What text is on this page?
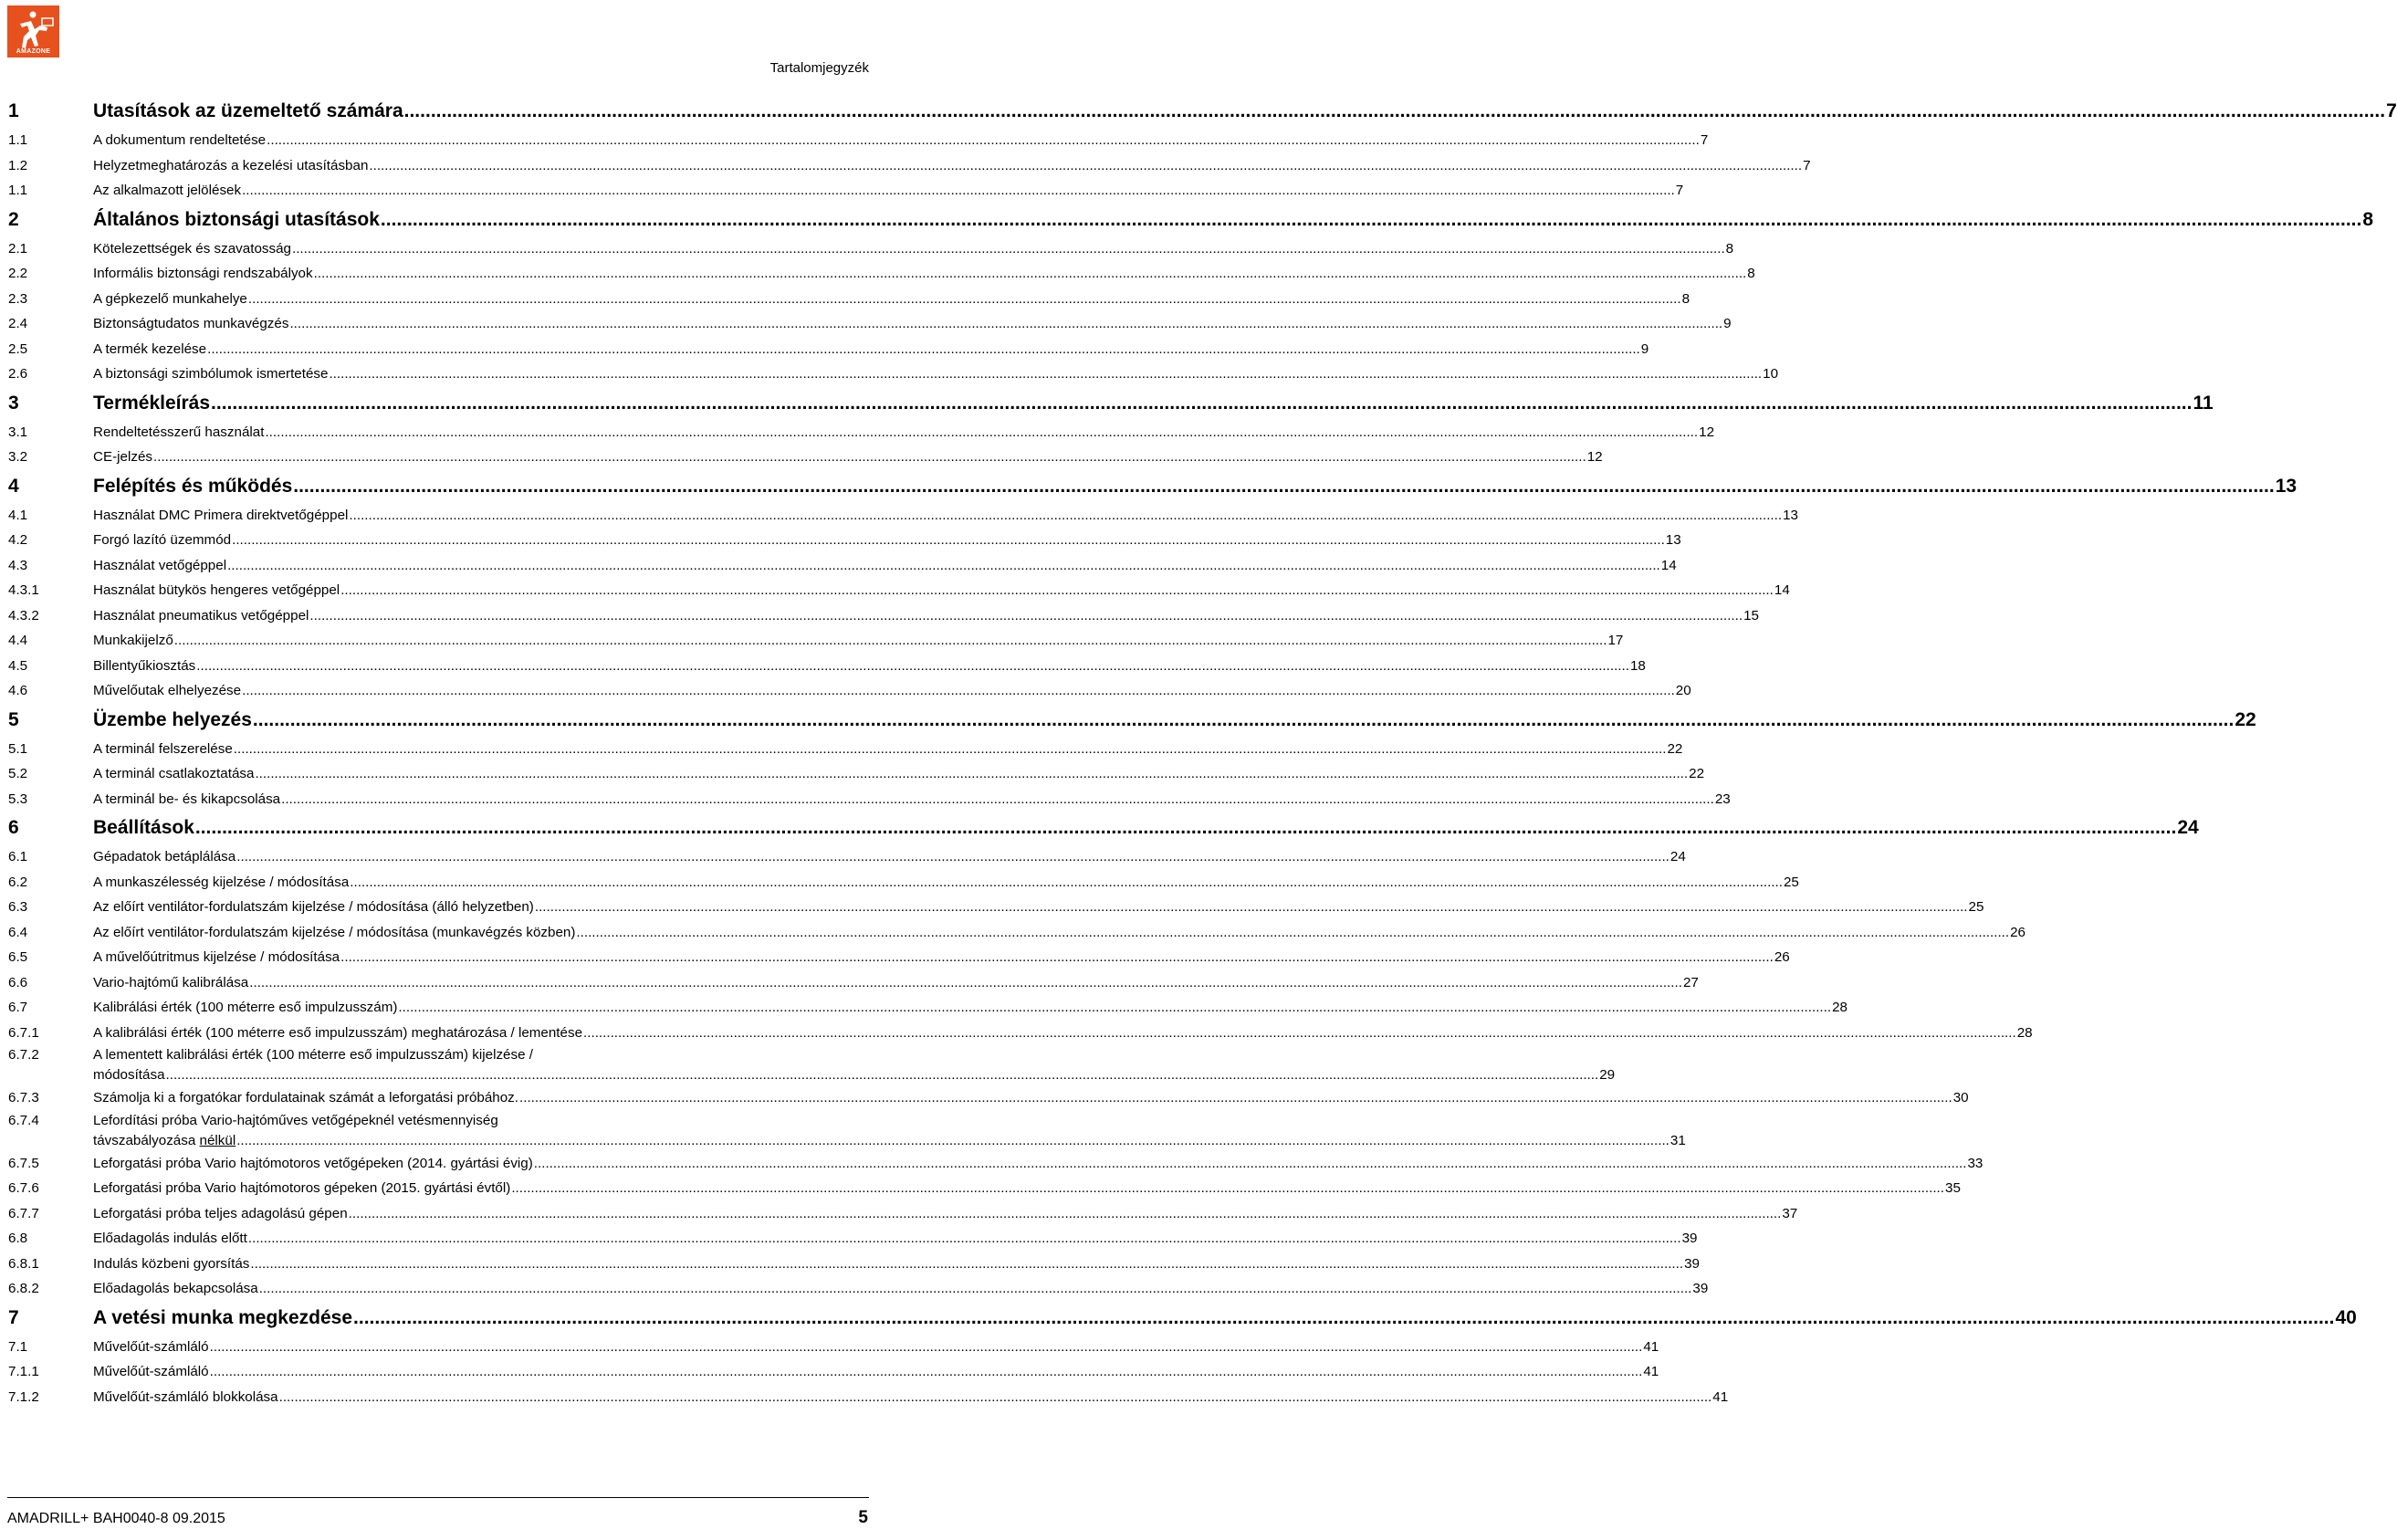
AMAZONE
Tartalomjegyzék
1	Utasítások az üzemeltető számára .....	7
1.1	A dokumentum rendeltetése .....	7
1.2	Helyzetmeghatározás a kezelési utasításban .....	7
1.1	Az alkalmazott jelölések .....	7
2	Általános biztonsági utasítások .....	8
2.1	Kötelezettségek és szavatosság .....	8
2.2	Informális biztonsági rendszabályok .....	8
2.3	A gépkezelő munkahelye .....	8
2.4	Biztonságtudatos munkavégzés .....	9
2.5	A termék kezelése .....	9
2.6	A biztonsági szimbólumok ismertetése .....	10
3	Termékleírás .....	11
3.1	Rendeltetésszerű használat .....	12
3.2	CE-jelzés .....	12
4	Felépítés és működés .....	13
4.1	Használat DMC Primera direktvetőgéppel .....	13
4.2	Forgó lazító üzemmód .....	13
4.3	Használat vetőgéppel .....	14
4.3.1	Használat bütykös hengeres vetőgéppel .....	14
4.3.2	Használat pneumatikus vetőgéppel .....	15
4.4	Munkakijelző .....	17
4.5	Billentyűkiosztás .....	18
4.6	Művelőutak elhelyezése .....	20
5	Üzembe helyezés .....	22
5.1	A terminál felszerelése .....	22
5.2	A terminál csatlakoztatása .....	22
5.3	A terminál be- és kikapcsolása .....	23
6	Beállítások .....	24
6.1	Gépadatok betáplálása .....	24
6.2	A munkaszélesség kijelzése / módosítása .....	25
6.3	Az előírt ventilátor-fordulatszám kijelzése / módosítása (álló helyzetben) .....	25
6.4	Az előírt ventilátor-fordulatszám kijelzése / módosítása (munkavégzés közben) .....	26
6.5	A művelőútritmus kijelzése / módosítása .....	26
6.6	Vario-hajtómű kalibrálása .....	27
6.7	Kalibrálási érték (100 méterre eső impulzusszám) .....	28
6.7.1	A kalibrálási érték (100 méterre eső impulzusszám) meghatározása / lementése .....	28
6.7.2	A lementett kalibrálási érték (100 méterre eső impulzusszám) kijelzése /
módosítása .....	29
6.7.3	Számolja ki a forgatókar fordulatainak számát a leforgatási próbához. .....	30
6.7.4	Lefordítási próba Vario-hajtóműves vetőgépeknél vetésmennyiség
távszabályozása nélkül .....	31
6.7.5	Leforgatási próba Vario hajtómotoros vetőgépeken (2014. gyártási évig) .....	33
6.7.6	Leforgatási próba Vario hajtómotoros gépeken (2015. gyártási évtől) .....	35
6.7.7	Leforgatási próba teljes adagolású gépen .....	37
6.8	Előadagolás indulás előtt .....	39
6.8.1	Indulás közbeni gyorsítás .....	39
6.8.2	Előadagolás bekapcsolása .....	39
7	A vetési munka megkezdése .....	40
7.1	Művelőút-számláló .....	41
7.1.1	Művelőút-számláló .....	41
7.1.2	Művelőút-számláló blokkolása .....	41
AMADRILL+ BAH0040-8 09.2015	5
